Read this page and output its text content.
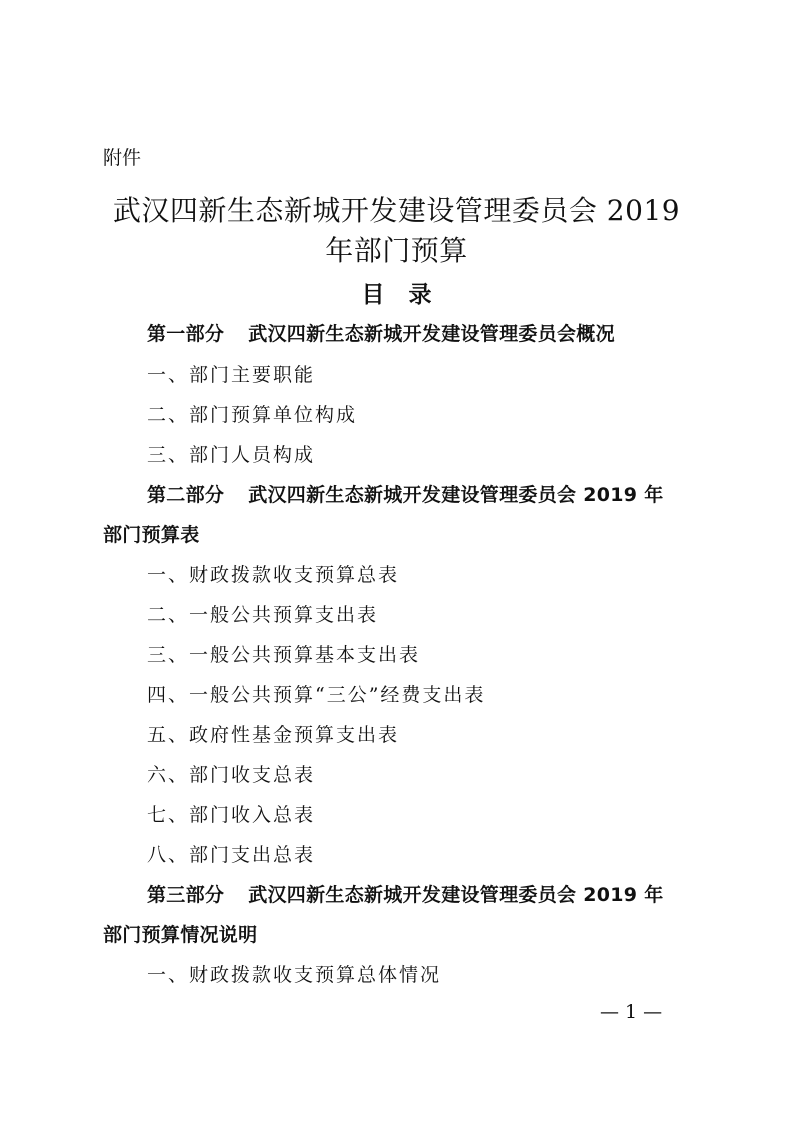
附件
武汉四新生态新城开发建设管理委员会 2019
年部门预算
目 录
第一部分 武汉四新生态新城开发建设管理委员会概况
一、部门主要职能
二、部门预算单位构成
三、部门人员构成
第二部分 武汉四新生态新城开发建设管理委员会 2019 年
部门预算表
一、财政拨款收支预算总表
二、一般公共预算支出表
三、一般公共预算基本支出表
四、一般公共预算“三公”经费支出表
五、政府性基金预算支出表
六、部门收支总表
七、部门收入总表
八、部门支出总表
第三部分 武汉四新生态新城开发建设管理委员会 2019 年
部门预算情况说明
一、财政拨款收支预算总体情况
— 1 —
